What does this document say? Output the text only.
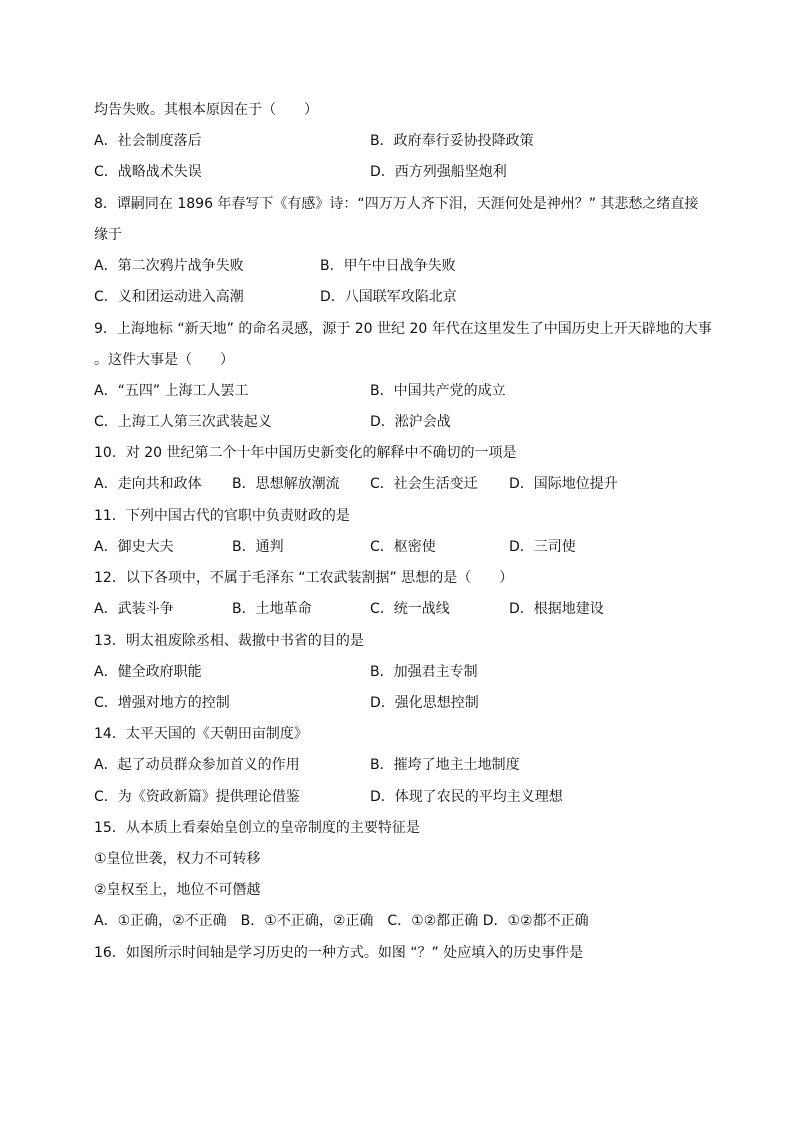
均告失败。其根本原因在于（　　）
A．社会制度落后	B．政府奉行妥协投降政策
C．战略战术失误	D．西方列强船坚炮利
8．谭嗣同在 1896 年春写下《有感》诗：“四万万人齐下泪，天涯何处是神州？” 其悲愁之绪直接
缘于
A．第二次鸦片战争失败	B．甲午中日战争失败
C．义和团运动进入高潮	D．八国联军攻陷北京
9．上海地标 “新天地” 的命名灵感，源于 20 世纪 20 年代在这里发生了中国历史上开天辟地的大事
。这件大事是（　　）
A．“五四” 上海工人罢工	B．中国共产党的成立
C．上海工人第三次武装起义	D．淞沪会战
10．对 20 世纪第二个十年中国历史新变化的解释中不确切的一项是
A．走向共和政体 B．思想解放潮流 C．社会生活变迁 D．国际地位提升
11．下列中国古代的官职中负责财政的是
A．御史大夫	B．通判	C．枢密使	D．三司使
12．以下各项中，不属于毛泽东 “工农武装割据” 思想的是（　　）
A．武装斗争	B．土地革命	C．统一战线	D．根据地建设
13．明太祖废除丞相、裁撤中书省的目的是
A．健全政府职能	B．加强君主专制
C．增强对地方的控制	D．强化思想控制
14．太平天国的《天朝田亩制度》
A．起了动员群众参加首义的作用	B．摧垮了地主土地制度
C．为《资政新篇》提供理论借鉴	D．体现了农民的平均主义理想
15．从本质上看秦始皇创立的皇帝制度的主要特征是
①皇位世袭，权力不可转移
②皇权至上，地位不可僭越
A．①正确，②不正确　B．①不正确，②正确　C．①②都正确 D．①②都不正确
16．如图所示时间轴是学习历史的一种方式。如图 “？” 处应填入的历史事件是
